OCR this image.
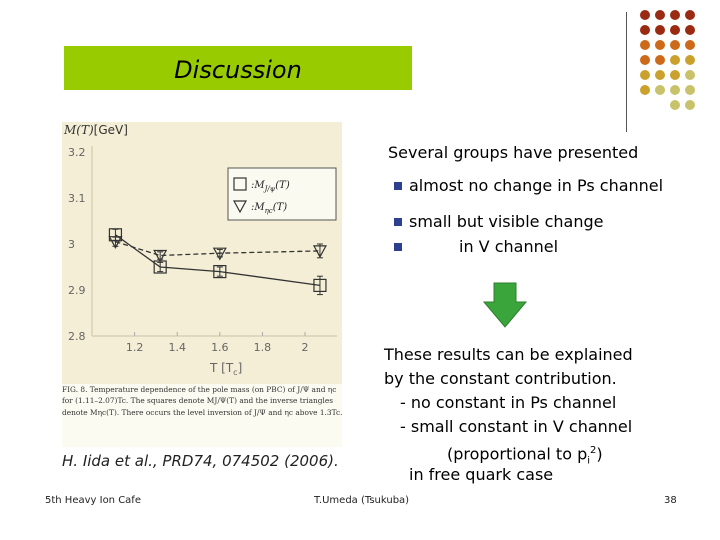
Discussion
M(T)[GeV]
3.2
3.1
3
2.9
2.8
1.2 1.4 1.6 1.8	2
T $[T_c]$
$:M_{J/\psi}(T)$
$:M_{\eta c}(T)$
FIG. 8. Temperature dependence of the pole mass (on PBC) of J/Ψ and ηc for (1.11–2.07)Tc. The squares denote MJ/Ψ(T) and the inverse triangles denote Mηc(T). There occurs the level inversion of J/Ψ and ηc above 1.3Tc.
H. Iida et al., PRD74, 074502 (2006).
Several groups have presented
almost no change in Ps channel
small but visible change
in V channel
These results can be explained
by the constant contribution.
- no constant in Ps channel
- small constant in V channel
(proportional to $p_i^2$)
in free quark case
5th Heavy Ion Cafe	T.Umeda (Tsukuba)	38
